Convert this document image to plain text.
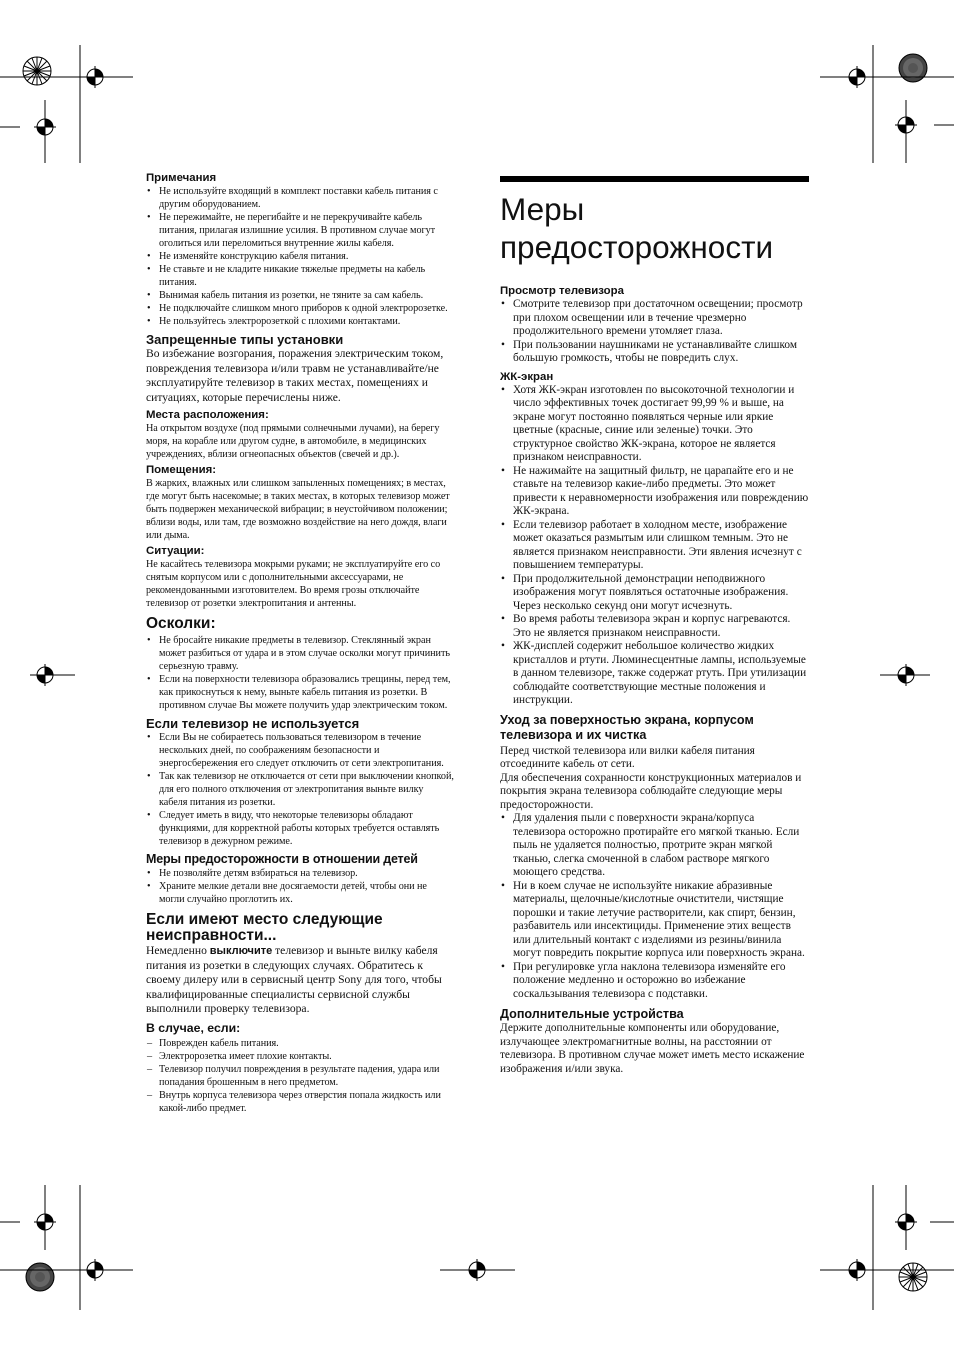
Примечания
• Не используйте входящий в комплект поставки кабель питания с другим оборудованием.
• Не пережимайте, не перегибайте и не перекручивайте кабель питания, прилагая излишние усилия. В противном случае могут оголиться или переломиться внутренние жилы кабеля.
• Не изменяйте конструкцию кабеля питания.
• Не ставьте и не кладите никакие тяжелые предметы на кабель питания.
• Вынимая кабель питания из розетки, не тяните за сам кабель.
• Не подключайте слишком много приборов к одной электророзетке.
• Не пользуйтесь электророзеткой с плохими контактами.
Запрещенные типы установки

Во избежание возгорания, поражения электрическим током, повреждения телевизора и/или травм не устанавливайте/не эксплуатируйте телевизор в таких местах, помещениях и ситуациях, которые перечислены ниже.

Места расположения:

На открытом воздухе (под прямыми солнечными лучами), на берегу моря, на корабле или другом судне, в автомобиле, в медицинских учреждениях, вблизи огнеопасных объектов (свечей и др.).

Помещения:

В жарких, влажных или слишком запыленных помещениях; в местах, где могут быть насекомые; в таких местах, в которых телевизор может быть подвержен механической вибрации; в неустойчивом положении; вблизи воды, или там, где возможно воздействие на него дождя, влаги или дыма.

Ситуации:

Не касайтесь телевизора мокрыми руками; не эксплуатируйте его со снятым корпусом или с дополнительными аксессуарами, не рекомендованными изготовителем. Во время грозы отключайте телевизор от розетки электропитания и антенны.

Осколки:
• Не бросайте никакие предметы в телевизор. Стеклянный экран может разбиться от удара и в этом случае осколки могут причинить серьезную травму.
• Если на поверхности телевизора образовались трещины, перед тем, как прикоснуться к нему, выньте кабель питания из розетки. В противном случае Вы можете получить удар электрическим током.
Если телевизор не используется
• Если Вы не собираетесь пользоваться телевизором в течение нескольких дней, по соображениям безопасности и энергосбережения его следует отключить от сети электропитания.
• Так как телевизор не отключается от сети при выключении кнопкой, для его полного отключения от электропитания выньте вилку кабеля питания из розетки.
• Следует иметь в виду, что некоторые телевизоры обладают функциями, для корректной работы которых требуется оставлять телевизор в дежурном режиме.
Меры предосторожности в отношении детей
• Не позволяйте детям взбираться на телевизор.
• Храните мелкие детали вне досягаемости детей, чтобы они не могли случайно проглотить их.
Если имеют место следующие неисправности...

Немедленно выключите телевизор и выньте вилку кабеля питания из розетки в следующих случаях. Обратитесь к своему дилеру или в сервисный центр Sony для того, чтобы квалифицированные специалисты сервисной службы выполнили проверку телевизора.

В случае, если:
– Поврежден кабель питания.
– Электророзетка имеет плохие контакты.
– Телевизор получил повреждения в результате падения, удара или попадания брошенным в него предметом.
– Внутрь корпуса телевизора через отверстия попала жидкость или какой-либо предмет.
Меры
предосторожности
Просмотр телевизора
• Смотрите телевизор при достаточном освещении; просмотр при плохом освещении или в течение чрезмерно продолжительного времени утомляет глаза.
• При пользовании наушниками не устанавливайте слишком большую громкость, чтобы не повредить слух.
ЖК-экран
• Хотя ЖК-экран изготовлен по высокоточной технологии и число эффективных точек достигает 99,99 % и выше, на экране могут постоянно появляться черные или яркие цветные (красные, синие или зеленые) точки. Это структурное свойство ЖК-экрана, которое не является признаком неисправности.
• Не нажимайте на защитный фильтр, не царапайте его и не ставьте на телевизор какие-либо предметы. Это может привести к неравномерности изображения или повреждению ЖК-экрана.
• Если телевизор работает в холодном месте, изображение может оказаться размытым или слишком темным. Это не является признаком неисправности. Эти явления исчезнут с повышением температуры.
• При продолжительной демонстрации неподвижного изображения могут появляться остаточные изображения. Через несколько секунд они могут исчезнуть.
• Во время работы телевизора экран и корпус нагреваются. Это не является признаком неисправности.
• ЖК-дисплей содержит небольшое количество жидких кристаллов и ртути. Люминесцентные лампы, используемые в данном телевизоре, также содержат ртуть. При утилизации соблюдайте соответствующие местные положения и инструкции.
Уход за поверхностью экрана, корпусом телевизора и их чистка

Перед чисткой телевизора или вилки кабеля питания отсоедините кабель от сети.

Для обеспечения сохранности конструкционных материалов и покрытия экрана телевизора соблюдайте следующие меры предосторожности.

• Для удаления пыли с поверхности экрана/корпуса телевизора осторожно протирайте его мягкой тканью. Если пыль не удаляется полностью, протрите экран мягкой тканью, слегка смоченной в слабом растворе мягкого моющего средства.
• Ни в коем случае не используйте никакие абразивные материалы, щелочные/кислотные очистители, чистящие порошки и такие летучие растворители, как спирт, бензин, разбавитель или инсектициды. Применение этих веществ или длительный контакт с изделиями из резины/винила могут повредить покрытие корпуса или поверхность экрана.
• При регулировке угла наклона телевизора изменяйте его положение медленно и осторожно во избежание соскальзывания телевизора с подставки.
Дополнительные устройства

Держите дополнительные компоненты или оборудование, излучающее электромагнитные волны, на расстоянии от телевизора. В противном случае может иметь место искажение изображения и/или звука.
